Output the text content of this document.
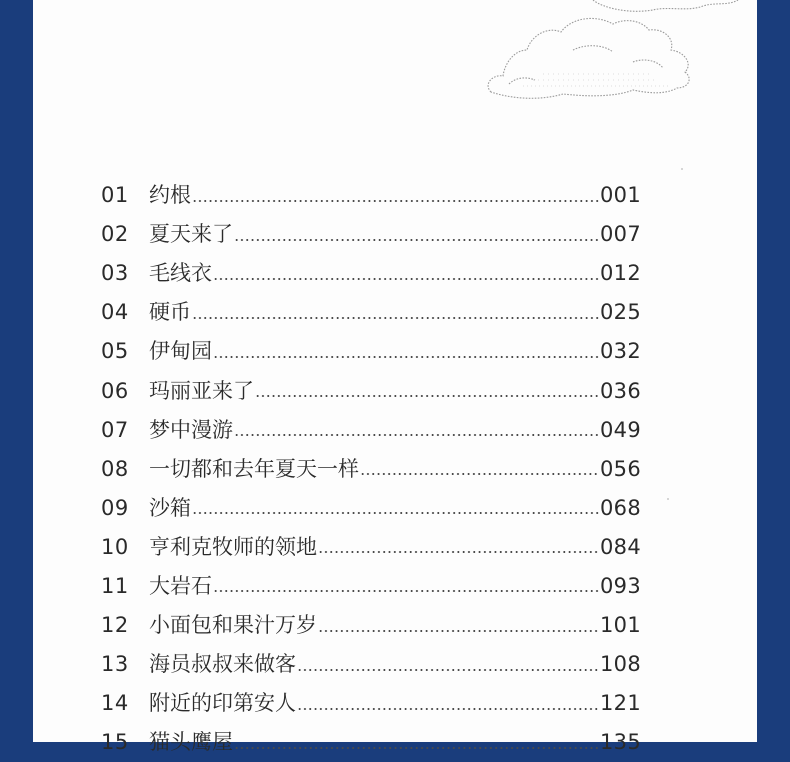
01 约根	001
02 夏天来了	007
03 毛线衣	012
04 硬币	025
05 伊甸园	032
06 玛丽亚来了	036
07 梦中漫游	049
08 一切都和去年夏天一样	056
09 沙箱	068
10 亨利克牧师的领地	084
11 大岩石	093
12 小面包和果汁万岁	101
13 海员叔叔来做客	108
14 附近的印第安人	121
15 猫头鹰屋	135
